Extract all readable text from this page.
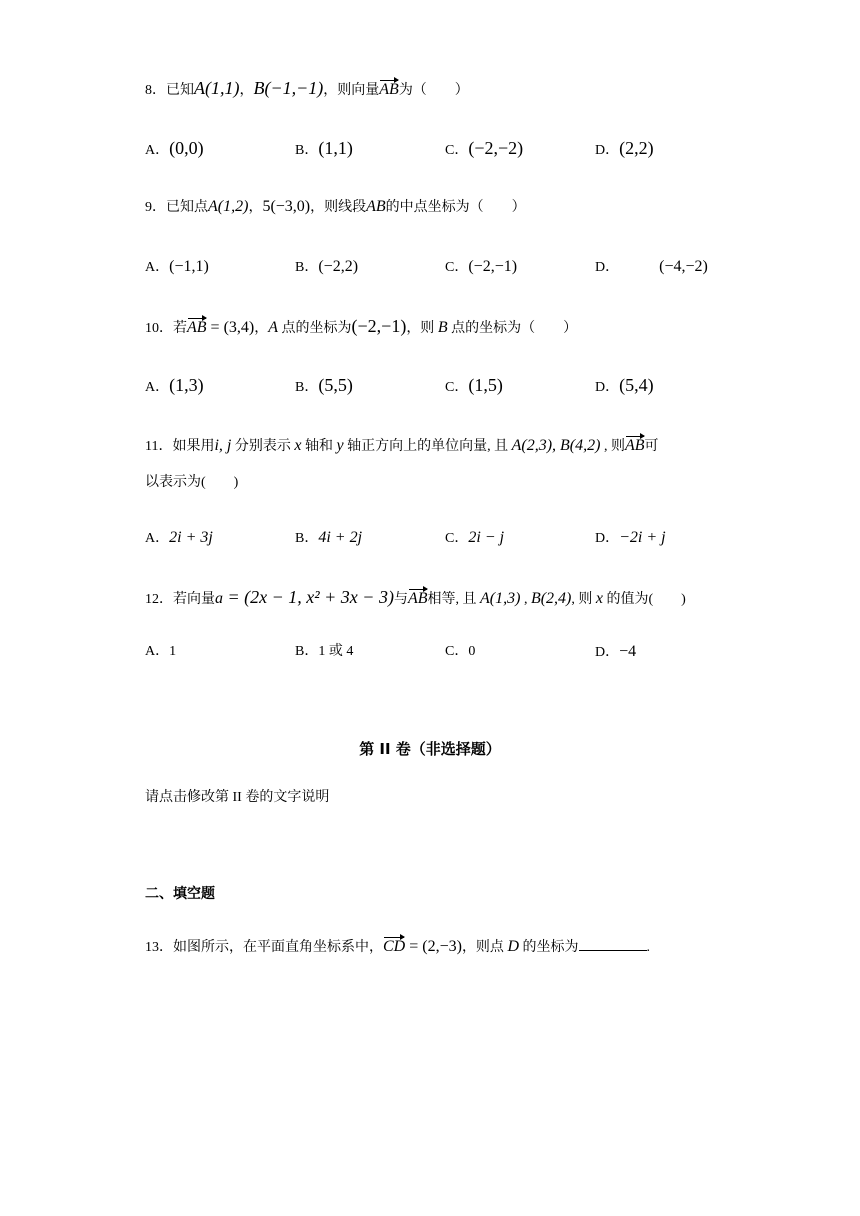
8．已知A(1,1)，B(−1,−1)，则向量AB为（　　）
A．(0,0)	B．(1,1)	C．(−2,−2)	D．(2,2)
9．已知点A(1,2)，5(−3,0)，则线段AB的中点坐标为（　　）
A．(−1,1)	B．(−2,2)	C．(−2,−1)	D．	(−4,−2)
10．若AB = (3,4)，A 点的坐标为(−2,−1)，则 B 点的坐标为（　　）
A．(1,3)	B．(5,5)	C．(1,5)	D．(5,4)
11．如果用i, j 分别表示 x 轴和 y 轴正方向上的单位向量, 且 A(2,3), B(4,2) , 则AB可
以表示为(　　)
A．2i + 3j	B．4i + 2j	C．2i − j	D．−2i + j
12．若向量a = (2x − 1, x² + 3x − 3)与AB相等, 且 A(1,3) , B(2,4), 则 x 的值为(　　)
A．1	B．1 或 4	C．0	D．−4
第 II 卷（非选择题）
请点击修改第 II 卷的文字说明
二、填空题
13．如图所示，在平面直角坐标系中，CD = (2,−3)，则点 D 的坐标为	.
